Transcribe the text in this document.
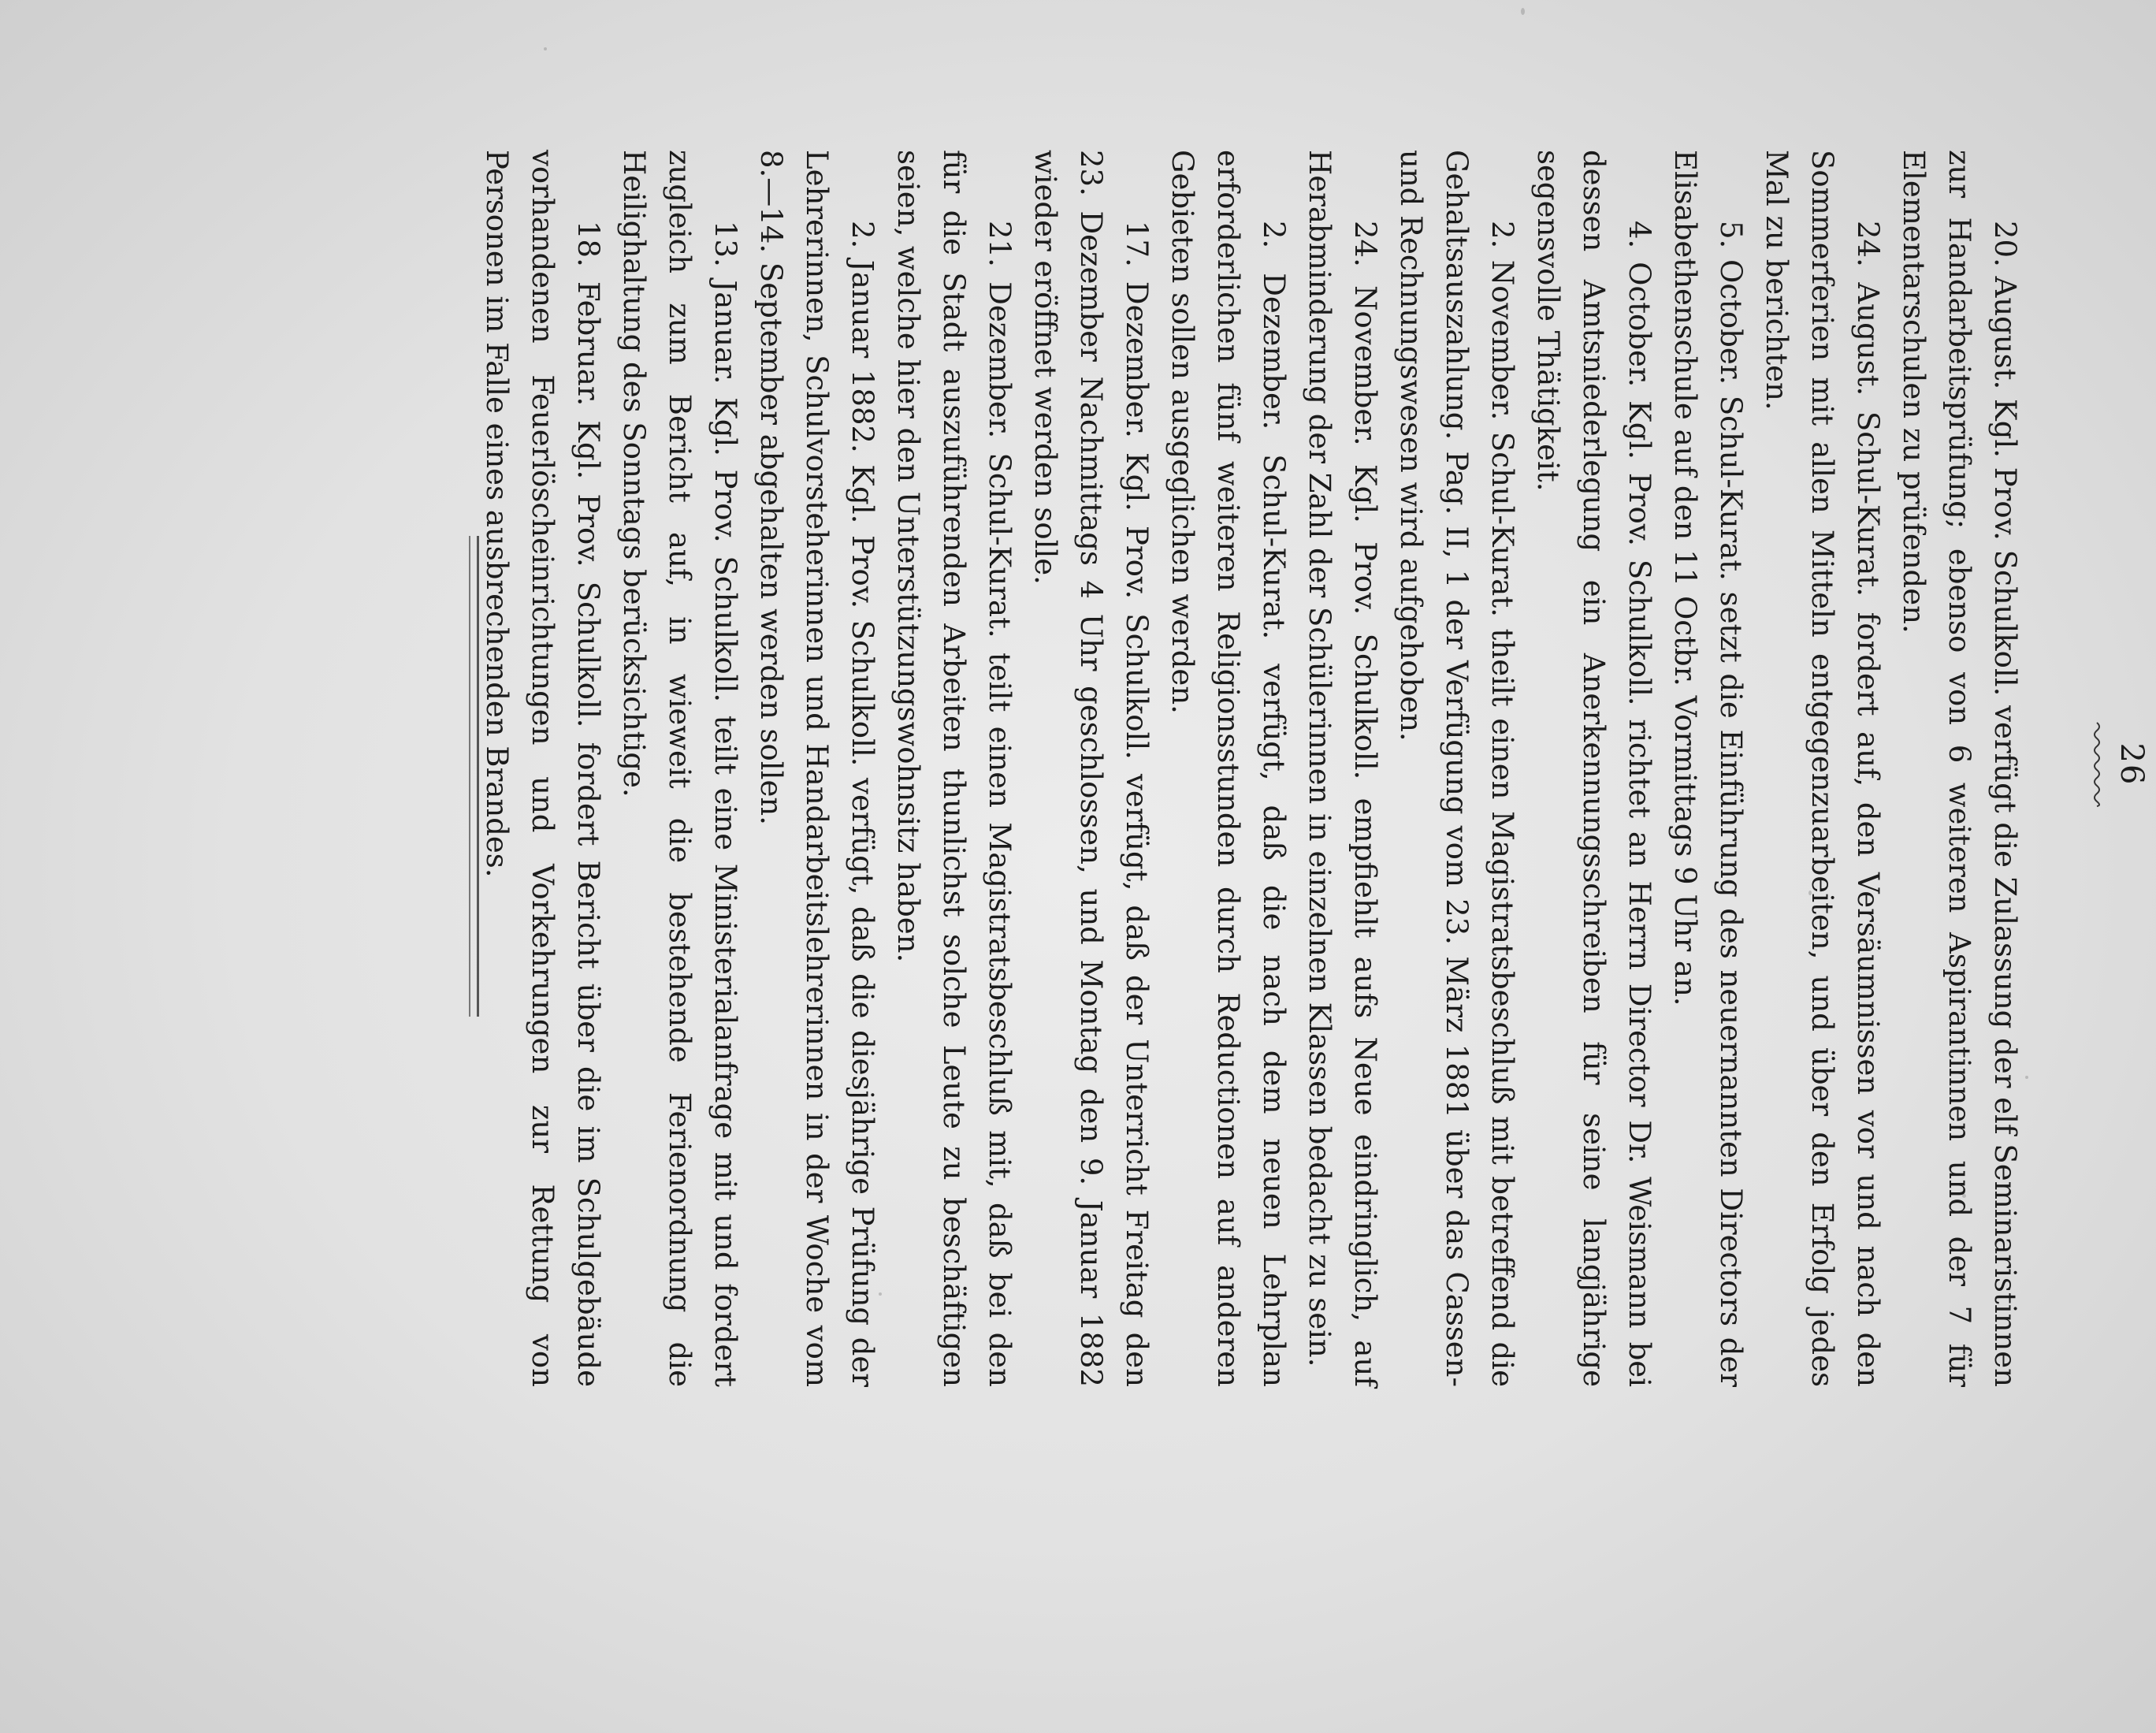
26

20. August. Kgl. Prov. Schulkoll. verfügt die Zulassung der elf Seminaristinnen zur Handarbeitsprüfung; ebenso von 6 weiteren Aspirantinnen und der 7 für Elementarschulen zu prüfenden.

24. August. Schul-Kurat. fordert auf, den Versäumnissen vor und nach den Sommerferien mit allen Mitteln entgegenzuarbeiten, und über den Erfolg jedes Mal zu berichten.

5. October. Schul-Kurat. setzt die Einführung des neuernannten Directors der Elisabethenschule auf den 11 Octbr. Vormittags 9 Uhr an.

4. October. Kgl. Prov. Schulkoll. richtet an Herrn Director Dr. Weismann bei dessen Amtsniederlegung ein Anerkennungsschreiben für seine langjährige segensvolle Thätigkeit.

2. November. Schul-Kurat. theilt einen Magistratsbeschluß mit betreffend die Gehaltsauszahlung. Pag. II, 1 der Verfügung vom 23. März 1881 über das Cassen- und Rechnungswesen wird aufgehoben.

24. November. Kgl. Prov. Schulkoll. empfiehlt aufs Neue eindringlich, auf Herabminderung der Zahl der Schülerinnen in einzelnen Klassen bedacht zu sein.

2. Dezember. Schul-Kurat. verfügt, daß die nach dem neuen Lehrplan erforderlichen fünf weiteren Religionsstunden durch Reductionen auf anderen Gebieten sollen ausgeglichen werden.

17. Dezember. Kgl. Prov. Schulkoll. verfügt, daß der Unterricht Freitag den 23. Dezember Nachmittags 4 Uhr geschlossen, und Montag den 9. Januar 1882 wieder eröffnet werden solle.

21. Dezember. Schul-Kurat. teilt einen Magistratsbeschluß mit, daß bei den für die Stadt auszuführenden Arbeiten thunlichst solche Leute zu beschäftigen seien, welche hier den Unterstützungswohnsitz haben.

2. Januar 1882. Kgl. Prov. Schulkoll. verfügt, daß die diesjährige Prüfung der Lehrerinnen, Schulvorsteherinnen und Handarbeitslehrerinnen in der Woche vom 8.—14. September abgehalten werden sollen.

13. Januar. Kgl. Prov. Schulkoll. teilt eine Ministerialanfrage mit und fordert zugleich zum Bericht auf, in wieweit die bestehende Ferienordnung die Heilighaltung des Sonntags berücksichtige.

18. Februar. Kgl. Prov. Schulkoll. fordert Bericht über die im Schulgebäude vorhandenen Feuerlöscheinrichtungen und Vorkehrungen zur Rettung von Personen im Falle eines ausbrechenden Brandes.
